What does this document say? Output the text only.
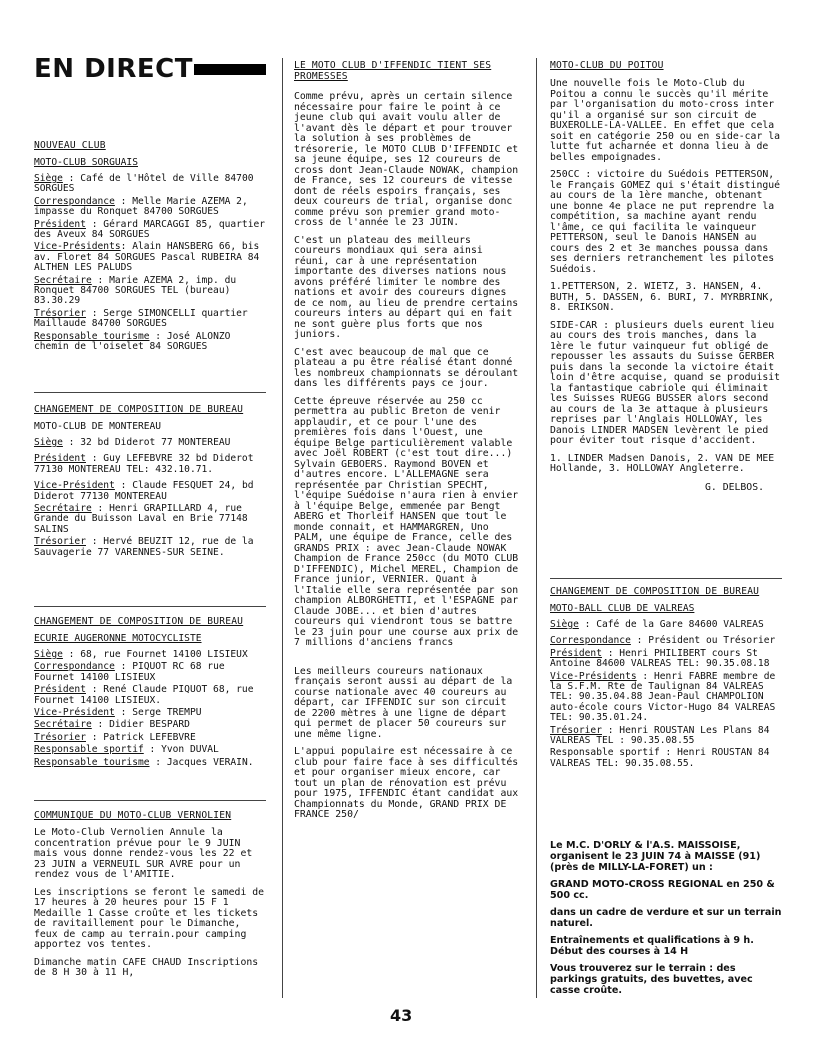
EN DIRECT
NOUVEAU CLUB
MOTO-CLUB SORGUAIS
Siège : Café de l'Hôtel de Ville 84700 SORGUES
Correspondance : Melle Marie AZEMA 2, impasse du Ronquet 84700 SORGUES
Président : Gérard MARCAGGI 85, quartier des Aveux 84 SORGUES
Vice-Présidents: Alain HANSBERG 66, bis av. Floret 84 SORGUES Pascal RUBEIRA 84 ALTHEN LES PALUDS
Secrétaire : Marie AZEMA 2, imp. du Ronquet 84700 SORGUES TEL (bureau) 83.30.29
Trésorier : Serge SIMONCELLI quartier Maillaude 84700 SORGUES
Responsable tourisme : José ALONZO chemin de l'oiselet 84 SORGUES
CHANGEMENT DE COMPOSITION DE BUREAU
MOTO-CLUB DE MONTEREAU
Siège : 32 bd Diderot 77 MONTEREAU
Président : Guy LEFEBVRE 32 bd Diderot 77130 MONTEREAU TEL: 432.10.71.
Vice-Président : Claude FESQUET 24, bd Diderot 77130 MONTEREAU
Secrétaire : Henri GRAPILLARD 4, rue Grande du Buisson Laval en Brie 77148 SALINS
Trésorier : Hervé BEUZIT 12, rue de la Sauvagerie 77 VARENNES-SUR SEINE.
CHANGEMENT DE COMPOSITION DE BUREAU
ECURIE AUGERONNE MOTOCYCLISTE
Siège : 68, rue Fournet 14100 LISIEUX
Correspondance : PIQUOT RC 68 rue Fournet 14100 LISIEUX
Président : René Claude PIQUOT 68, rue Fournet 14100 LISIEUX.
Vice-Président : Serge TREMPU
Secrétaire : Didier BESPARD
Trésorier : Patrick LEFEBVRE
Responsable sportif : Yvon DUVAL
Responsable tourisme : Jacques VERAIN.
COMMUNIQUE DU MOTO-CLUB VERNOLIEN
Le Moto-Club Vernolien Annule la concentration prévue pour le 9 JUIN mais vous donne rendez-vous les 22 et 23 JUIN a VERNEUIL SUR AVRE pour un rendez vous de l'AMITIE.
Les inscriptions se feront le samedi de 17 heures à 20 heures pour 15 F 1 Medaille 1 Casse croûte et les tickets de ravitaillement pour le Dimanche, feux de camp au terrain.pour camping apportez vos tentes.
Dimanche matin CAFE CHAUD Inscriptions de 8 H 30 à 11 H,
LE MOTO CLUB D'IFFENDIC TIENT SES PROMESSES
Comme prévu, après un certain silence nécessaire pour faire le point à ce jeune club qui avait voulu aller de l'avant dès le départ et pour trouver la solution à ses problèmes de trésorerie, le MOTO CLUB D'IFFENDIC et sa jeune équipe, ses 12 coureurs de cross dont Jean-Claude NOWAK, champion de France, ses 12 coureurs de vitesse dont de réels espoirs français, ses deux coureurs de trial, organise donc comme prévu son premier grand moto-cross de l'année le 23 JUIN.
C'est un plateau des meilleurs coureurs mondiaux qui sera ainsi réuni, car à une représentation importante des diverses nations nous avons préféré limiter le nombre des nations et avoir des coureurs dignes de ce nom, au lieu de prendre certains coureurs inters au départ qui en fait ne sont guère plus forts que nos juniors.
C'est avec beaucoup de mal que ce plateau a pu être réalisé étant donné les nombreux championnats se déroulant dans les différents pays ce jour.
Cette épreuve réservée au 250 cc permettra au public Breton de venir applaudir, et ce pour l'une des premières fois dans l'Ouest, une équipe Belge particulièrement valable avec Joël ROBERT (c'est tout dire...) Sylvain GEBOERS. Raymond BOVEN et d'autres encore. L'ALLEMAGNE sera représentée par Christian SPECHT, l'équipe Suédoise n'aura rien à envier à l'équipe Belge, emmenée par Bengt ABERG et Thorleif HANSEN que tout le monde connait, et HAMMARGREN, Uno PALM, une équipe de France, celle des GRANDS PRIX : avec Jean-Claude NOWAK Champion de France 250cc (du MOTO CLUB D'IFFENDIC), Michel MEREL, Champion de France junior, VERNIER. Quant à l'Italie elle sera représentée par son champion ALBORGHETTI, et l'ESPAGNE par Claude JOBE... et bien d'autres coureurs qui viendront tous se battre le 23 juin pour une course aux prix de 7 millions d'anciens francs
Les meilleurs coureurs nationaux français seront aussi au départ de la course nationale avec 40 coureurs au départ, car IFFENDIC sur son circuit de 2200 mètres à une ligne de départ qui permet de placer 50 coureurs sur une même ligne.
L'appui populaire est nécessaire à ce club pour faire face à ses difficultés et pour organiser mieux encore, car tout un plan de rénovation est prévu pour 1975, IFFENDIC étant candidat aux Championnats du Monde, GRAND PRIX DE FRANCE 250/
MOTO-CLUB DU POITOU
Une nouvelle fois le Moto-Club du Poitou a connu le succès qu'il mérite par l'organisation du moto-cross inter qu'il a organisé sur son circuit de BUXEROLLE-LA-VALLEE. En effet que cela soit en catégorie 250 ou en side-car la lutte fut acharnée et donna lieu à de belles empoignades.
250CC : victoire du Suédois PETTERSON, le Français GOMEZ qui s'était distingué au cours de la 1ère manche, obtenant une bonne 4e place ne put reprendre la compétition, sa machine ayant rendu l'âme, ce qui facilita le vainqueur PETTERSON, seul le Danois HANSEN au cours des 2 et 3e manches poussa dans ses derniers retranchement les pilotes Suédois.
1.PETTERSON, 2. WIETZ, 3. HANSEN, 4. BUTH, 5. DASSEN, 6. BURI, 7. MYRBRINK, 8. ERIKSON.
SIDE-CAR : plusieurs duels eurent lieu au cours des trois manches, dans la 1ère le futur vainqueur fut obligé de repousser les assauts du Suisse GERBER puis dans la seconde la victoire était loin d'être acquise, quand se produisit la fantastique cabriole qui éliminait les Suisses RUEGG BUSSER alors second au cours de la 3e attaque à plusieurs reprises par l'Anglais HOLLOWAY, les Danois LINDER MADSEN levèrent le pied pour éviter tout risque d'accident.
1. LINDER Madsen Danois, 2. VAN DE MEE Hollande, 3. HOLLOWAY Angleterre.
G. DELBOS.
CHANGEMENT DE COMPOSITION DE BUREAU
MOTO-BALL CLUB DE VALREAS
Siège : Café de la Gare 84600 VALREAS
Correspondance : Président ou Trésorier
Président : Henri PHILIBERT cours St Antoine 84600 VALREAS TEL: 90.35.08.18
Vice-Présidents : Henri FABRE membre de la S.F.M. Rte de Taulignan 84 VALREAS TEL: 90.35.04.88 Jean-Paul CHAMPOLION auto-école cours Victor-Hugo 84 VALREAS TEL: 90.35.01.24.
Trésorier : Henri ROUSTAN Les Plans 84 VALREAS TEL : 90.35.08.55
Responsable sportif : Henri ROUSTAN 84 VALREAS TEL: 90.35.08.55.
Le M.C. D'ORLY & l'A.S. MAISSOISE, organisent le 23 JUIN 74 à MAISSE (91) (près de MILLY-LA-FORET) un :
GRAND MOTO-CROSS REGIONAL en 250 & 500 cc.
dans un cadre de verdure et sur un terrain naturel.
Entraînements et qualifications à 9 h. Début des courses à 14 H
Vous trouverez sur le terrain : des parkings gratuits, des buvettes, avec casse croûte.
43
